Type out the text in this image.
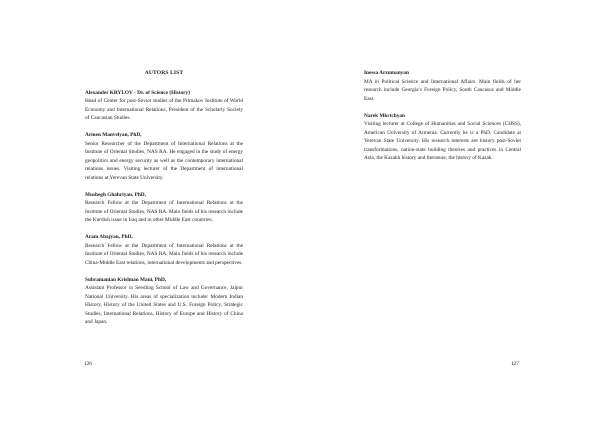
AUTORS LIST
Alexander KRYLOV - Dr. of Science (History)
Head of Center for post-Soviet studies of the Primakov Institute of World Economy and International Relations, President of the Scholarly Society of Caucasian Studies.
Armen Manvelyan, PhD,
Senior Researcher of the Department of International Relations at the Institute of Oriental Studies, NAS RA. He engaged in the study of energy geopolitics and energy security as well as the contemporary international relations issues. Visiting lecturer of the Department of international relations at Yerevan State University.
Mushegh Ghahriyan, PhD,
Research Fellow at the Department of International Relations at the Institute of Oriental Studies, NAS RA. Main fields of his research include the Kurdish issue in Iraq and in other Middle East countries.
Aram Abajyan, PhD,
Research Fellow at the Department of International Relations at the Institute of Oriental Studies, NAS RA. Main fields of his research include China-Middle East relations, international developments and perspectives.
Subramanian Krishnan Mani, PhD,
Assistant Professor in Seedling School of Law and Governance, Jaipur National University. His areas of specialization include: Modern Indian History, History of the United States and U.S. Foreign Policy, Strategic Studies, International Relations, History of Europe and History of China and Japan.
126
Inessa Arzumanyan
MA in Political Science and International Affairs. Main fields of her research include Georgia’s Foreign Policy, South Caucasus and Middle East.
Narek Mkrtchyan
Visiting lecturer at College of Humanities and Social Sciences (CHSS), American University of Armenia. Currently he is a PhD. Candidate at Yerevan State University. His research interests are history post-Soviet transformations, nation-state building theories and practices in Central Asia, the Kazakh history and literature, the history of Kazak.
127
